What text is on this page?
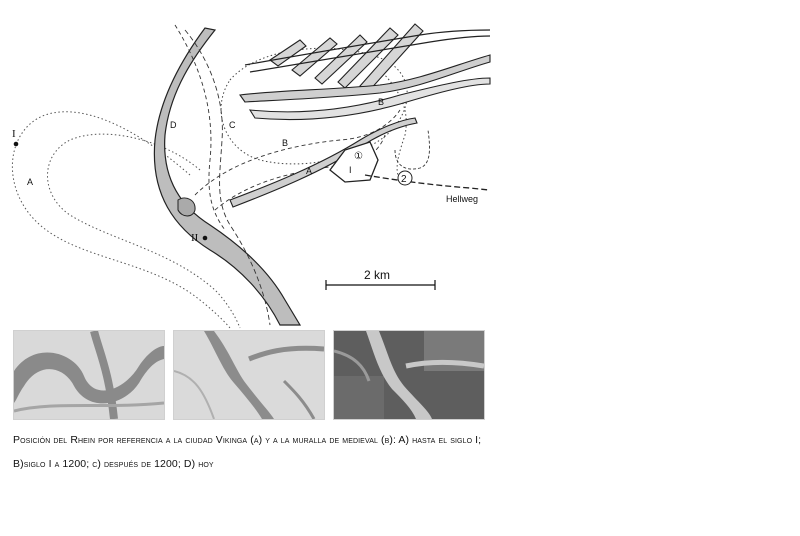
I
II
A
A
B
B
C
D
I
①
2
Hellweg
2 km
Posición del Rhein por referencia a la ciudad Vikinga (a) y a la muralla de medieval (b): A) hasta el siglo I;
B)siglo I a 1200; c) después de 1200; D) hoy
